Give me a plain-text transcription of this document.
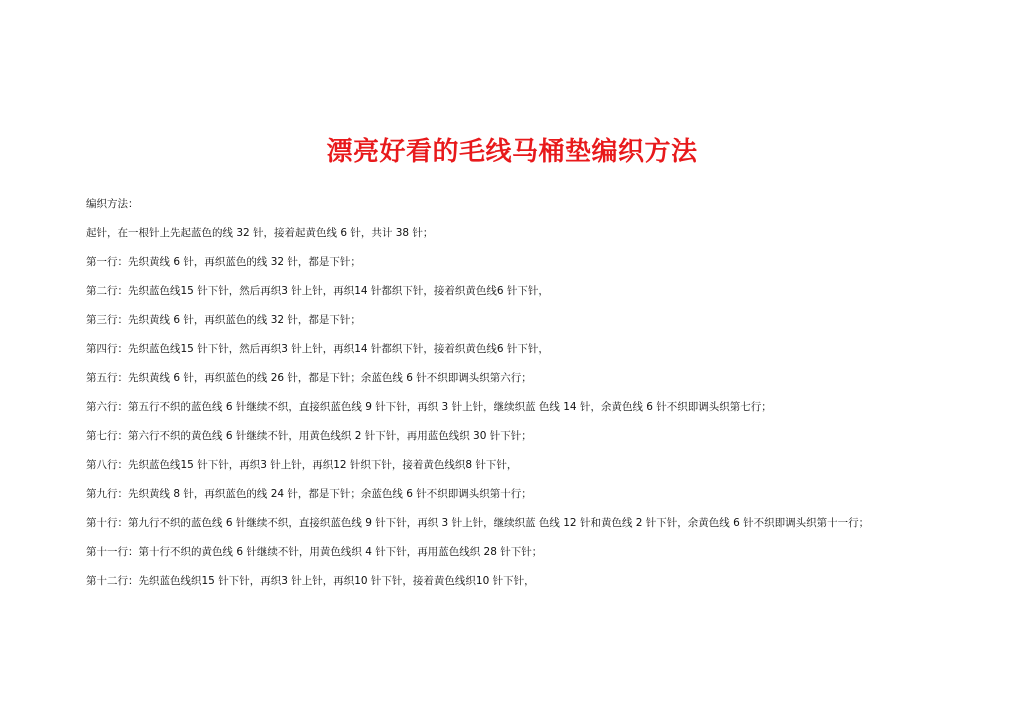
漂亮好看的毛线马桶垫编织方法
编织方法：
起针，在一根针上先起蓝色的线 32 针，接着起黄色线 6 针，共计 38 针；
第一行：先织黄线 6 针，再织蓝色的线 32 针，都是下针；
第二行：先织蓝色线15 针下针，然后再织3 针上针，再织14 针都织下针，接着织黄色线6 针下针，
第三行：先织黄线 6 针，再织蓝色的线 32 针，都是下针；
第四行：先织蓝色线15 针下针，然后再织3 针上针，再织14 针都织下针，接着织黄色线6 针下针，
第五行：先织黄线 6 针，再织蓝色的线 26 针，都是下针；余蓝色线 6 针不织即调头织第六行；
第六行：第五行不织的蓝色线 6 针继续不织，直接织蓝色线 9 针下针，再织 3 针上针，继续织蓝 色线 14 针，余黄色线 6 针不织即调头织第七行；
第七行：第六行不织的黄色线 6 针继续不针，用黄色线织 2 针下针，再用蓝色线织 30 针下针；
第八行：先织蓝色线15 针下针，再织3 针上针，再织12 针织下针，接着黄色线织8 针下针，
第九行：先织黄线 8 针，再织蓝色的线 24 针，都是下针；余蓝色线 6 针不织即调头织第十行；
第十行：第九行不织的蓝色线 6 针继续不织，直接织蓝色线 9 针下针，再织 3 针上针，继续织蓝 色线 12 针和黄色线 2 针下针，余黄色线 6 针不织即调头织第十一行；
第十一行：第十行不织的黄色线 6 针继续不针，用黄色线织 4 针下针，再用蓝色线织 28 针下针；
第十二行：先织蓝色线织15 针下针，再织3 针上针，再织10 针下针，接着黄色线织10 针下针，
